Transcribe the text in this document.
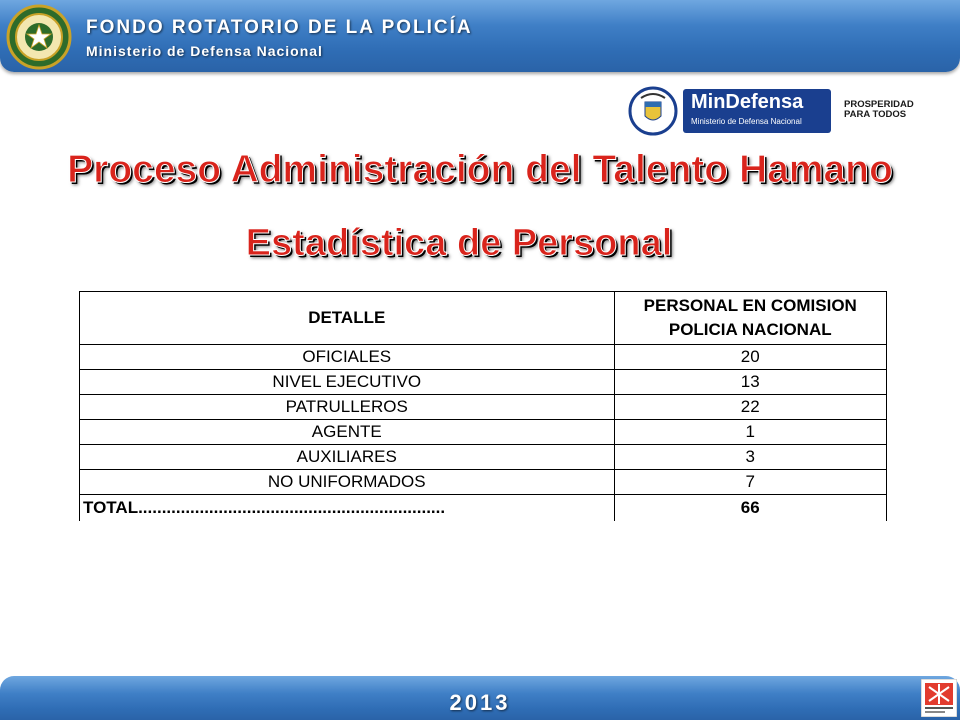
FONDO ROTATORIO DE LA POLICÍA
Ministerio de Defensa Nacional
MinDefensa
Ministerio de Defensa Nacional
PROSPERIDAD
PARA TODOS
Proceso Administración del Talento Hamano
Estadística de Personal
DETALLE	PERSONAL EN COMISION
POLICIA NACIONAL

OFICIALES	20
NIVEL EJECUTIVO	13
PATRULLEROS	22
AGENTE	1
AUXILIARES	3
NO UNIFORMADOS	7
TOTAL.................................................................	66
2013
